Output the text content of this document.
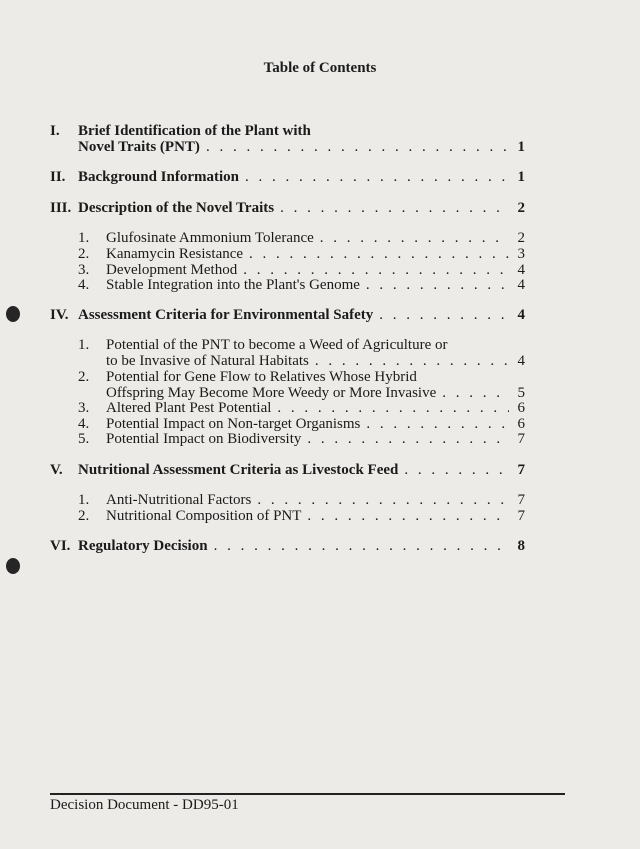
Table of Contents
I.	Brief Identification of the Plant with
Novel Traits (PNT) . . .	1
II. Background Information . . .	1
III. Description of the Novel Traits . . .	2
1.	Glufosinate Ammonium Tolerance . . .	2
2.	Kanamycin Resistance . . .	3
3.	Development Method . . .	4
4.	Stable Integration into the Plant's Genome . . .	4
IV. Assessment Criteria for Environmental Safety . . .	4
1.	Potential of the PNT to become a Weed of Agriculture or
to be Invasive of Natural Habitats . . .	4
2.	Potential for Gene Flow to Relatives Whose Hybrid
Offspring May Become More Weedy or More Invasive . . .	5
3.	Altered Plant Pest Potential . . .	6
4.	Potential Impact on Non-target Organisms . . .	6
5.	Potential Impact on Biodiversity . . .	7
V.	Nutritional Assessment Criteria as Livestock Feed . . .	7
1.	Anti-Nutritional Factors . . .	7
2.	Nutritional Composition of PNT . . .	7
VI. Regulatory Decision . . .	8
Decision Document - DD95-01
